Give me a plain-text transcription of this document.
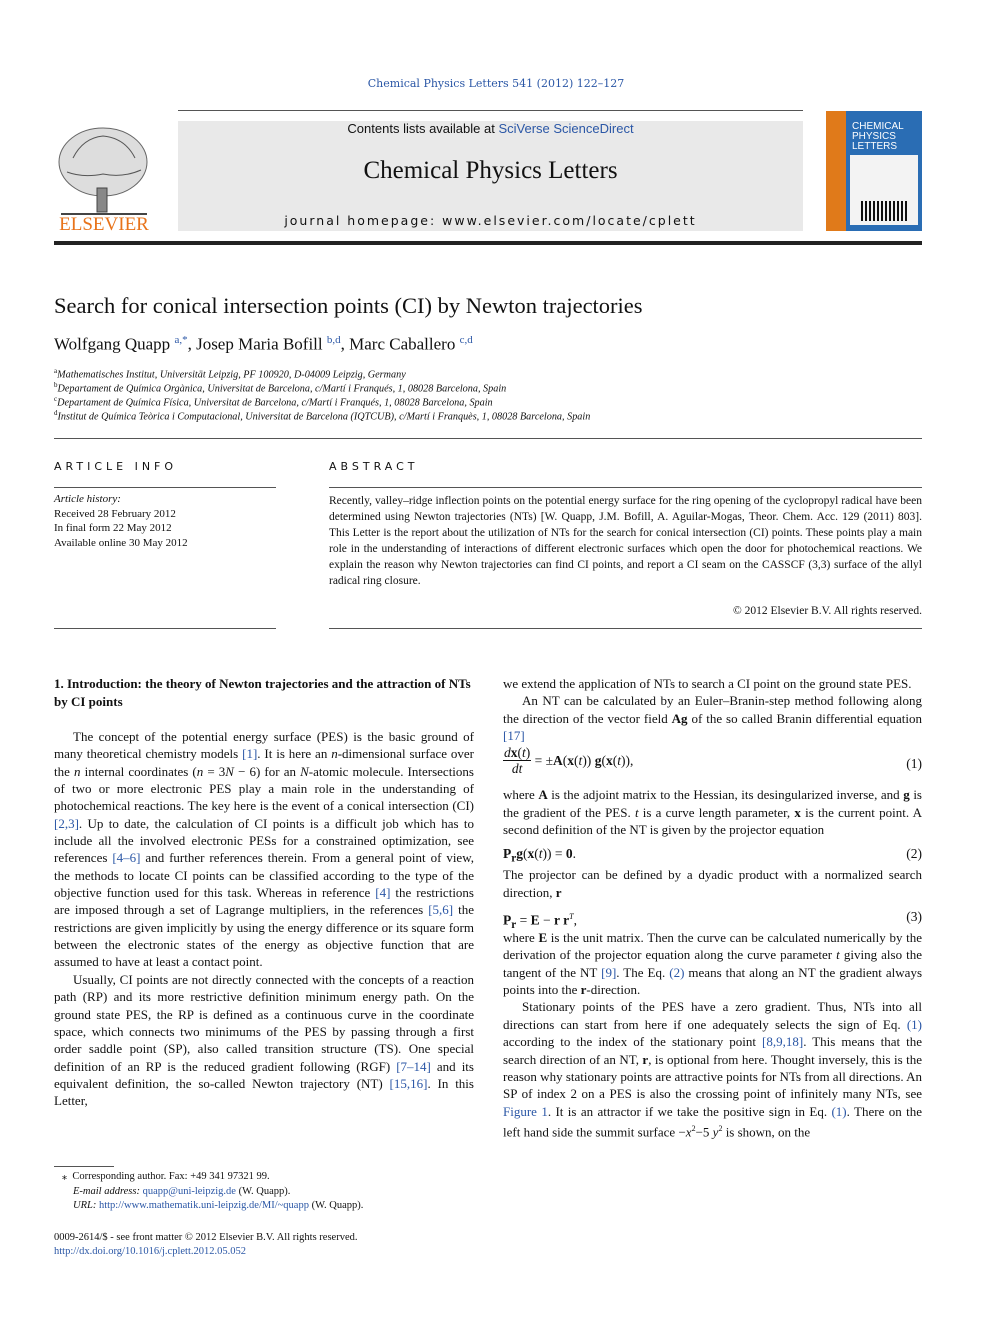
Chemical Physics Letters 541 (2012) 122–127
ELSEVIER
Contents lists available at SciVerse ScienceDirect
Chemical Physics Letters
journal homepage: www.elsevier.com/locate/cplett
CHEMICAL
PHYSICS
LETTERS
Search for conical intersection points (CI) by Newton trajectories
Wolfgang Quapp $^{a,*}$, Josep Maria Bofill $^{b,d}$, Marc Caballero $^{c,d}$
$^a$Mathematisches Institut, Universität Leipzig, PF 100920, D-04009 Leipzig, Germany
$^b$Departament de Química Orgànica, Universitat de Barcelona, c/Martí i Franqués, 1, 08028 Barcelona, Spain
$^c$Departament de Química Física, Universitat de Barcelona, c/Martí i Franqués, 1, 08028 Barcelona, Spain
$^d$Institut de Química Teòrica i Computacional, Universitat de Barcelona (IQTCUB), c/Martí i Franquès, 1, 08028 Barcelona, Spain
ARTICLE INFO
Article history:
Received 28 February 2012
In final form 22 May 2012
Available online 30 May 2012
ABSTRACT
Recently, valley–ridge inflection points on the potential energy surface for the ring opening of the cyclopropyl radical have been determined using Newton trajectories (NTs) [W. Quapp, J.M. Bofill, A. Aguilar-Mogas, Theor. Chem. Acc. 129 (2011) 803]. This Letter is the report about the utilization of NTs for the search for conical intersection (CI) points. These points play a main role in the understanding of interactions of different electronic surfaces which open the door for photochemical reactions. We explain the reason why Newton trajectories can find CI points, and report a CI seam on the CASSCF (3,3) surface of the allyl radical ring closure.
© 2012 Elsevier B.V. All rights reserved.
1. Introduction: the theory of Newton trajectories and the attraction of NTs by CI points

The concept of the potential energy surface (PES) is the basic ground of many theoretical chemistry models [1]. It is here an n-dimensional surface over the n internal coordinates (n = 3N − 6) for an N-atomic molecule. Intersections of two or more electronic PES play a main role in the understanding of photochemical reactions. The key here is the event of a conical intersection (CI) [2,3]. Up to date, the calculation of CI points is a difficult job which has to include all the involved electronic PESs for a constrained optimization, see references [4–6] and further references therein. From a general point of view, the methods to locate CI points can be classified according to the type of the objective function used for this task. Whereas in reference [4] the restrictions are imposed through a set of Lagrange multipliers, in the references [5,6] the restrictions are given implicitly by using the energy difference or its square form between the electronic states of the energy as objective function that are assumed to have at least a contact point.

Usually, CI points are not directly connected with the concepts of a reaction path (RP) and its more restrictive definition minimum energy path. On the ground state PES, the RP is defined as a continuous curve in the coordinate space, which connects two minimums of the PES by passing through a first order saddle point (SP), also called transition structure (TS). One special definition of an RP is the reduced gradient following (RGF) [7–14] and its equivalent definition, the so-called Newton trajectory (NT) [15,16]. In this Letter,

⁎  Corresponding author. Fax: +49 341 97321 99.
E-mail address: quapp@uni-leipzig.de (W. Quapp).
URL: http://www.mathematik.uni-leipzig.de/MI/~quapp (W. Quapp).
0009-2614/$ - see front matter © 2012 Elsevier B.V. All rights reserved.
http://dx.doi.org/10.1016/j.cplett.2012.05.052

we extend the application of NTs to search a CI point on the ground state PES.

An NT can be calculated by an Euler–Branin-step method following along the direction of the vector field Ag of the so called Branin differential equation [17]

$\frac{dx(t)}{dt} = \pm A(x(t))$ g(x(t)),	(1)

where A is the adjoint matrix to the Hessian, its desingularized inverse, and g is the gradient of the PES. t is a curve length parameter, x is the current point. A second definition of the NT is given by the projector equation

$P_rg(x(t)) = 0$.	(2)

The projector can be defined by a dyadic product with a normalized search direction, r

$P_r = E - r$ $r^T$,	(3)

where E is the unit matrix. Then the curve can be calculated numerically by the derivation of the projector equation along the curve parameter t giving also the tangent of the NT [9]. The Eq. (2) means that along an NT the gradient always points into the r-direction.

Stationary points of the PES have a zero gradient. Thus, NTs into all directions can start from here if one adequately selects the sign of Eq. (1) according to the index of the stationary point [8,9,18]. This means that the search direction of an NT, r, is optional from here. Thought inversely, this is the reason why stationary points are attractive points for NTs from all directions. An SP of index 2 on a PES is also the crossing point of infinitely many NTs, see Figure 1. It is an attractor if we take the positive sign in Eq. (1). There on the left hand side the summit surface $-x^2-5$ $y^2$ is shown, on the
